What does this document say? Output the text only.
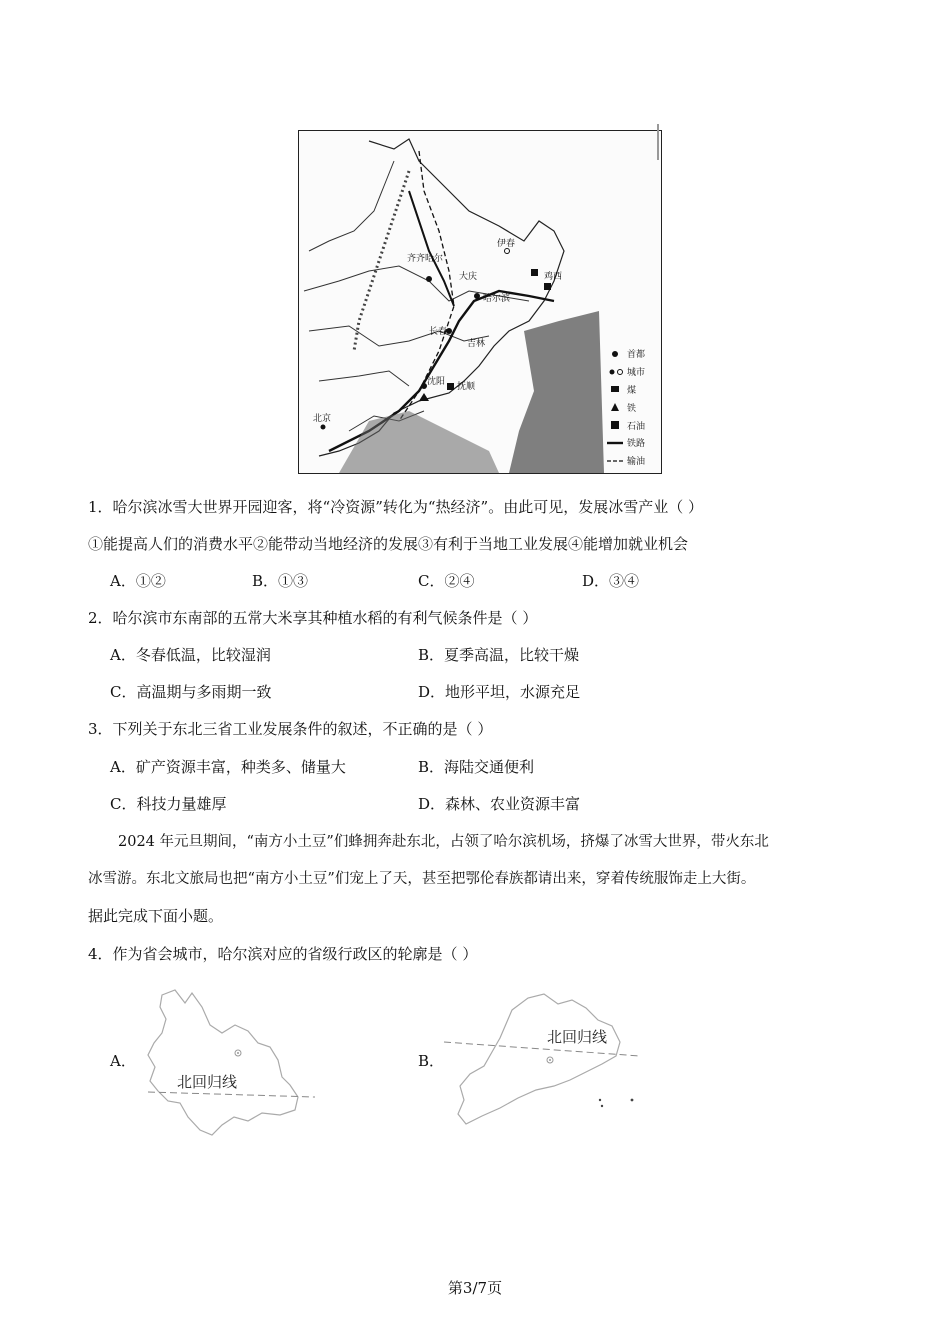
齐齐哈尔
伊春
大庆
哈尔滨
鸡西
长春
吉林
沈阳 抚顺
北京
首都
城市
煤
铁
石油
铁路
输油
1．哈尔滨冰雪大世界开园迎客，将“冷资源”转化为“热经济”。由此可见，发展冰雪产业（ ）
①能提高人们的消费水平②能带动当地经济的发展③有利于当地工业发展④能增加就业机会
A．①②	B．①③	C．②④	D．③④
2．哈尔滨市东南部的五常大米享其种植水稻的有利气候条件是（ ）
A．冬春低温，比较湿润	B．夏季高温，比较干燥
C．高温期与多雨期一致	D．地形平坦，水源充足
3．下列关于东北三省工业发展条件的叙述，不正确的是（ ）
A．矿产资源丰富，种类多、储量大	B．海陆交通便利
C．科技力量雄厚	D．森林、农业资源丰富
2024 年元旦期间，“南方小土豆”们蜂拥奔赴东北，占领了哈尔滨机场，挤爆了冰雪大世界，带火东北
冰雪游。东北文旅局也把“南方小土豆”们宠上了天，甚至把鄂伦春族都请出来，穿着传统服饰走上大街。
据此完成下面小题。
4．作为省会城市，哈尔滨对应的省级行政区的轮廓是（ ）
A．	B．
北回归线
北回归线
第3/7页
